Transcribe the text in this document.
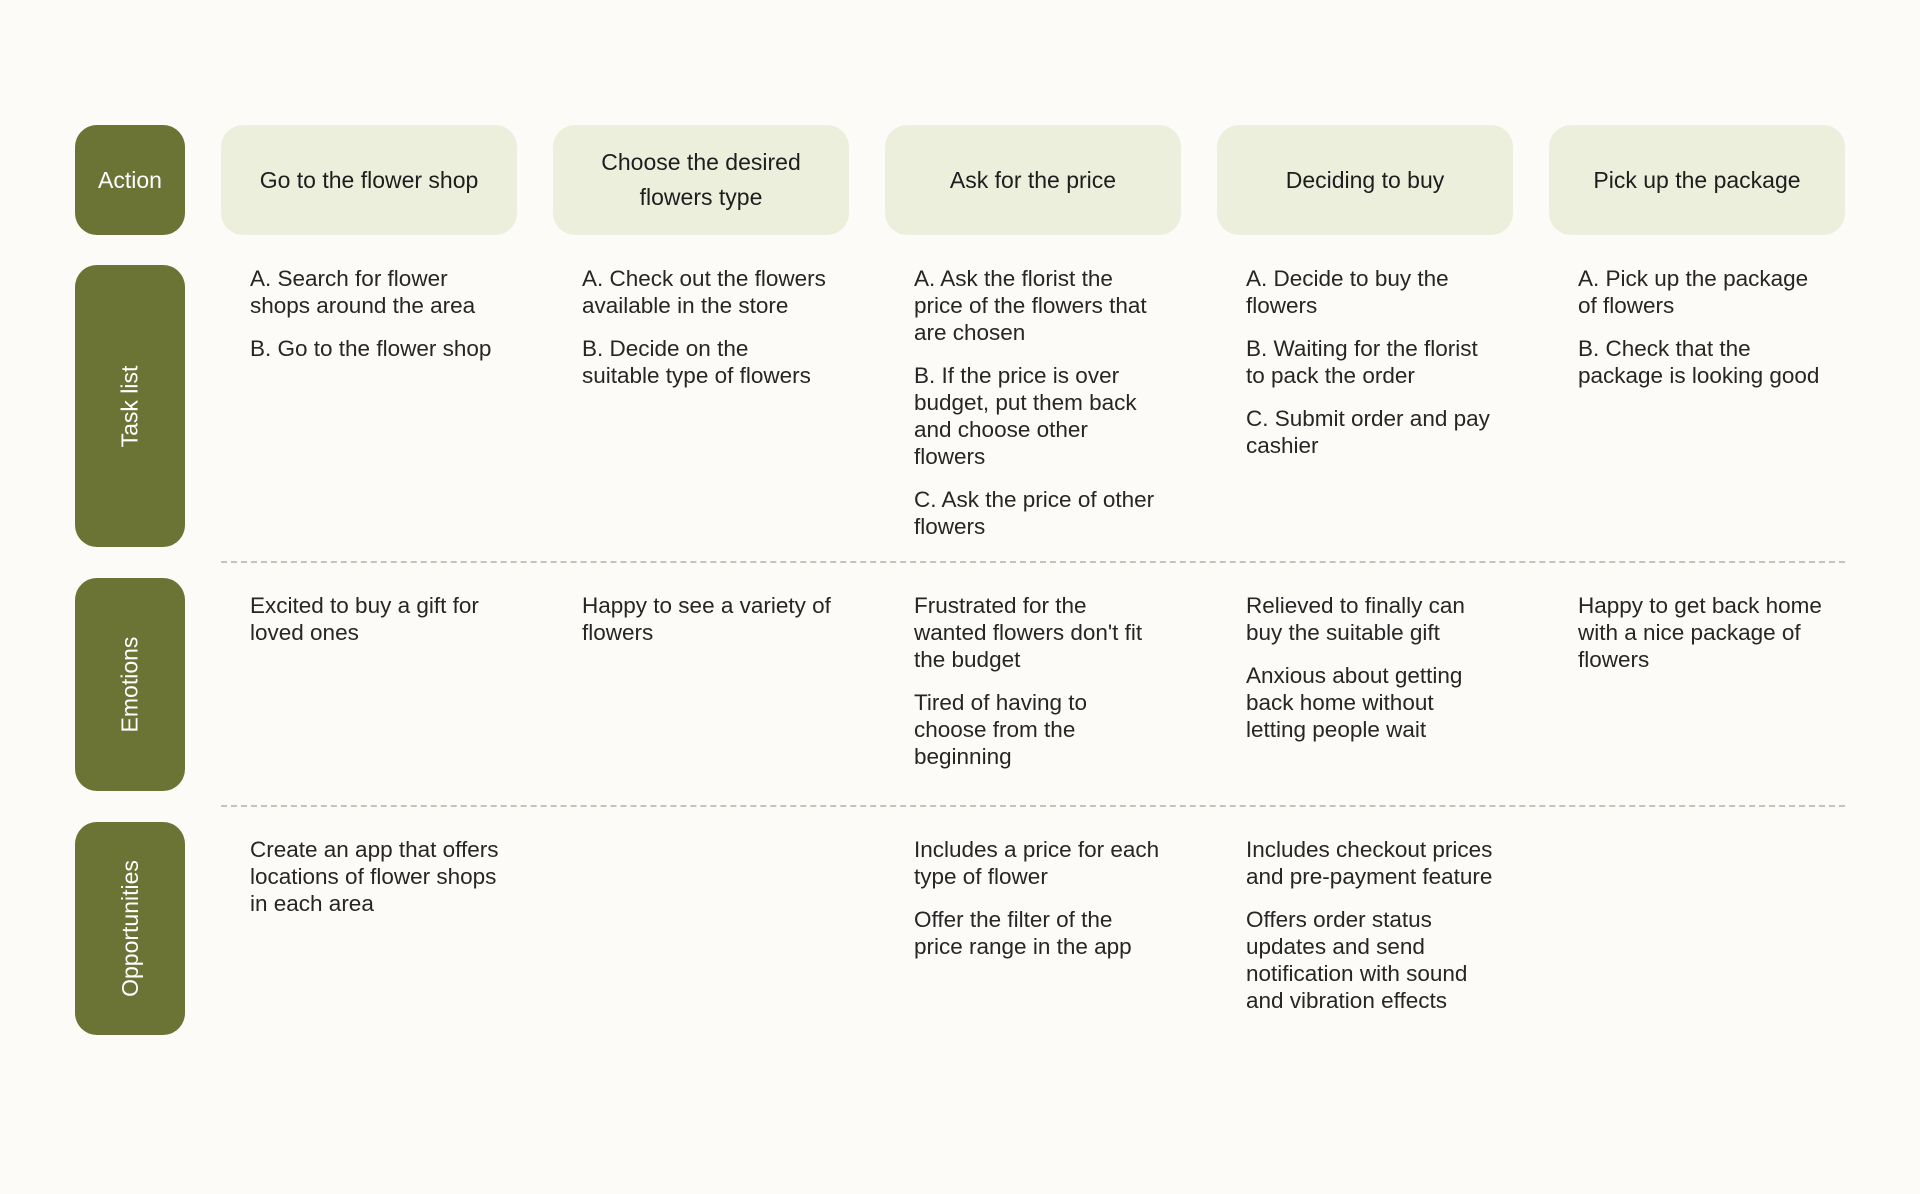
Action
Task list
Emotions
Opportunities
Go to the flower shop
Choose the desired flowers type
Ask for the price	Deciding to buy	Pick up the package

A. Search for flower shops around the area

B. Go to the flower shop

A. Check out the flowers available in the store

B. Decide on the suitable type of flowers

A. Ask the florist the price of the flowers that are chosen

B. If the price is over budget, put them back and choose other flowers

C. Ask the price of other flowers

A. Decide to buy the flowers

B. Waiting for the florist to pack the order

C. Submit order and pay cashier

A. Pick up the package of flowers

B. Check that the package is looking good

Excited to buy a gift for loved ones

Happy to see a variety of flowers

Frustrated for the wanted flowers don't fit the budget

Tired of having to choose from the beginning

Relieved to finally can buy the suitable gift

Anxious about getting back home without letting people wait

Happy to get back home with a nice package of flowers

Create an app that offers locations of flower shops in each area

Includes a price for each type of flower

Offer the filter of the price range in the app

Includes checkout prices and pre-payment feature

Offers order status updates and send notification with sound and vibration effects
